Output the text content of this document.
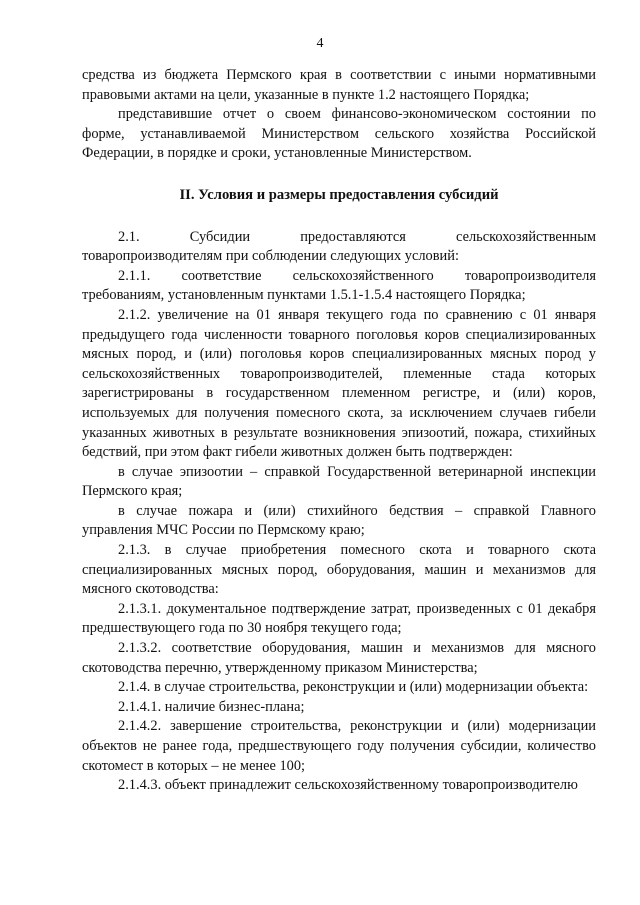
4

средства из бюджета Пермского края в соответствии с иными нормативными правовыми актами на цели, указанные в пункте 1.2 настоящего Порядка;

представившие отчет о своем финансово-экономическом состоянии по форме, устанавливаемой Министерством сельского хозяйства Российской Федерации, в порядке и сроки, установленные Министерством.

II. Условия и размеры предоставления субсидий

2.1. Субсидии предоставляются сельскохозяйственным товаропроизводителям при соблюдении следующих условий:

2.1.1. соответствие сельскохозяйственного товаропроизводителя требованиям, установленным пунктами 1.5.1-1.5.4 настоящего Порядка;

2.1.2. увеличение на 01 января текущего года по сравнению с 01 января предыдущего года численности товарного поголовья коров специализированных мясных пород, и (или) поголовья коров специализированных мясных пород у сельскохозяйственных товаропроизводителей, племенные стада которых зарегистрированы в государственном племенном регистре, и (или) коров, используемых для получения помесного скота, за исключением случаев гибели указанных животных в результате возникновения эпизоотий, пожара, стихийных бедствий, при этом факт гибели животных должен быть подтвержден:

в случае эпизоотии – справкой Государственной ветеринарной инспекции Пермского края;

в случае пожара и (или) стихийного бедствия – справкой Главного управления МЧС России по Пермскому краю;

2.1.3. в случае приобретения помесного скота и товарного скота специализированных мясных пород, оборудования, машин и механизмов для мясного скотоводства:

2.1.3.1. документальное подтверждение затрат, произведенных с 01 декабря предшествующего года по 30 ноября текущего года;

2.1.3.2. соответствие оборудования, машин и механизмов для мясного скотоводства перечню, утвержденному приказом Министерства;

2.1.4. в случае строительства, реконструкции и (или) модернизации объекта:

2.1.4.1. наличие бизнес-плана;

2.1.4.2. завершение строительства, реконструкции и (или) модернизации объектов не ранее года, предшествующего году получения субсидии, количество скотомест в которых – не менее 100;

2.1.4.3. объект принадлежит сельскохозяйственному товаропроизводителю
